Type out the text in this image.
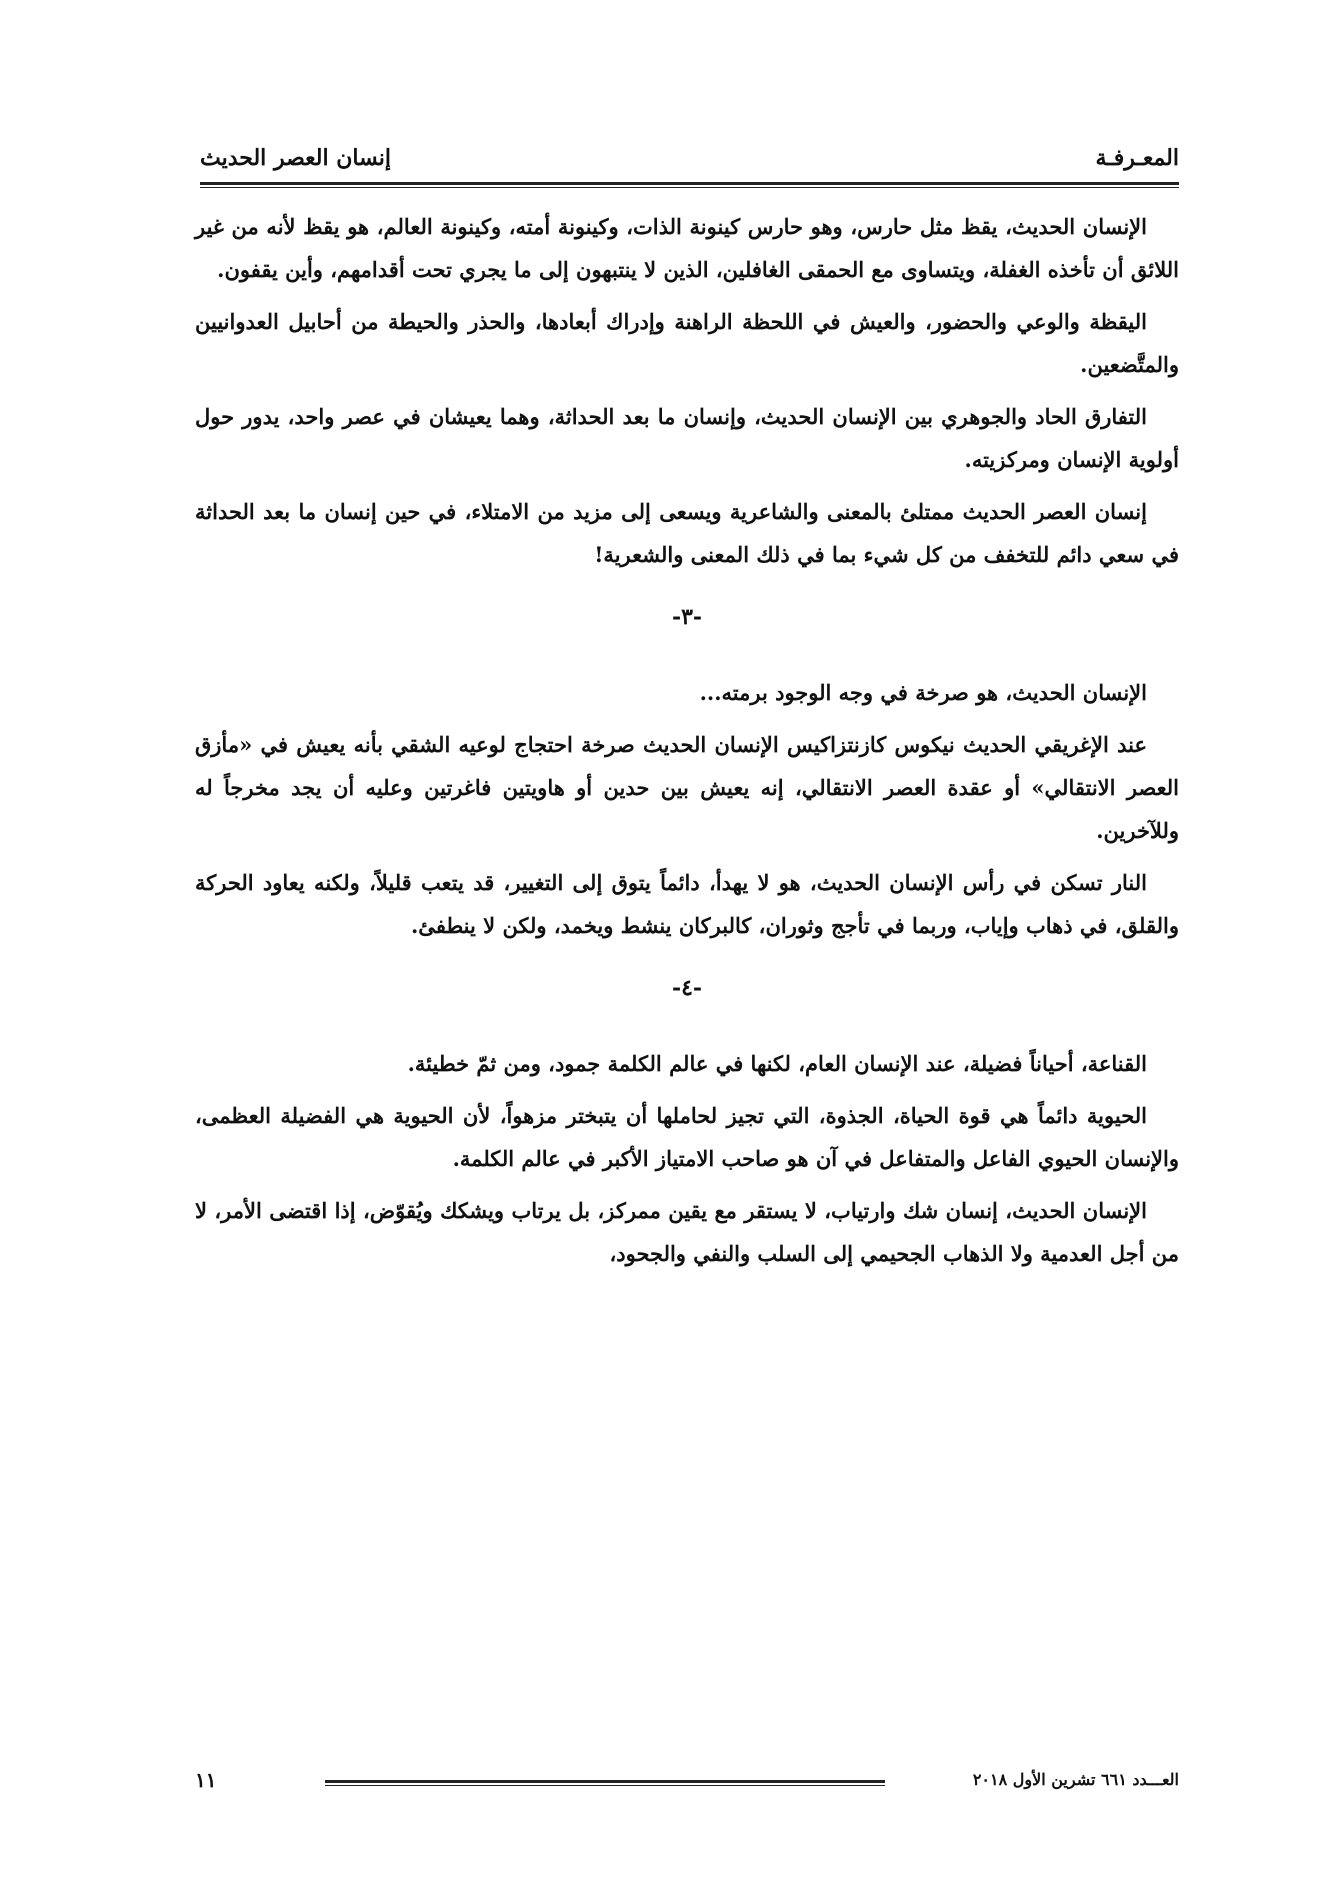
المعـرفـة
إنسان العصر الحديث

الإنسان الحديث، يقظ مثل حارس، وهو حارس كينونة الذات، وكينونة أمته، وكينونة العالم، هو يقظ لأنه من غير اللائق أن تأخذه الغفلة، ويتساوى مع الحمقى الغافلين، الذين لا ينتبهون إلى ما يجري تحت أقدامهم، وأين يقفون.

اليقظة والوعي والحضور، والعيش في اللحظة الراهنة وإدراك أبعادها، والحذر والحيطة من أحابيل العدوانيين والمتَّضعين.

التفارق الحاد والجوهري بين الإنسان الحديث، وإنسان ما بعد الحداثة، وهما يعيشان في عصر واحد، يدور حول أولوية الإنسان ومركزيته.

إنسان العصر الحديث ممتلئ بالمعنى والشاعرية ويسعى إلى مزيد من الامتلاء، في حين إنسان ما بعد الحداثة في سعي دائم للتخفف من كل شيء بما في ذلك المعنى والشعرية!

-٣-

الإنسان الحديث، هو صرخة في وجه الوجود برمته...

عند الإغريقي الحديث نيكوس كازنتزاكيس الإنسان الحديث صرخة احتجاج لوعيه الشقي بأنه يعيش في «مأزق العصر الانتقالي» أو عقدة العصر الانتقالي، إنه يعيش بين حدين أو هاويتين فاغرتين وعليه أن يجد مخرجاً له وللآخرين.

النار تسكن في رأس الإنسان الحديث، هو لا يهدأ، دائماً يتوق إلى التغيير، قد يتعب قليلاً، ولكنه يعاود الحركة والقلق، في ذهاب وإياب، وربما في تأجج وثوران، كالبركان ينشط ويخمد، ولكن لا ينطفئ.

-٤-

القناعة، أحياناً فضيلة، عند الإنسان العام، لكنها في عالم الكلمة جمود، ومن ثمّ خطيئة.

الحيوية دائماً هي قوة الحياة، الجذوة، التي تجيز لحاملها أن يتبختر مزهواً، لأن الحيوية هي الفضيلة العظمى، والإنسان الحيوي الفاعل والمتفاعل في آن هو صاحب الامتياز الأكبر في عالم الكلمة.

الإنسان الحديث، إنسان شك وارتياب، لا يستقر مع يقين ممركز، بل يرتاب ويشكك ويُقوّض، إذا اقتضى الأمر، لا من أجل العدمية ولا الذهاب الجحيمي إلى السلب والنفي والجحود،

العـــدد ٦٦١ تشرين الأول ٢٠١٨
١١
